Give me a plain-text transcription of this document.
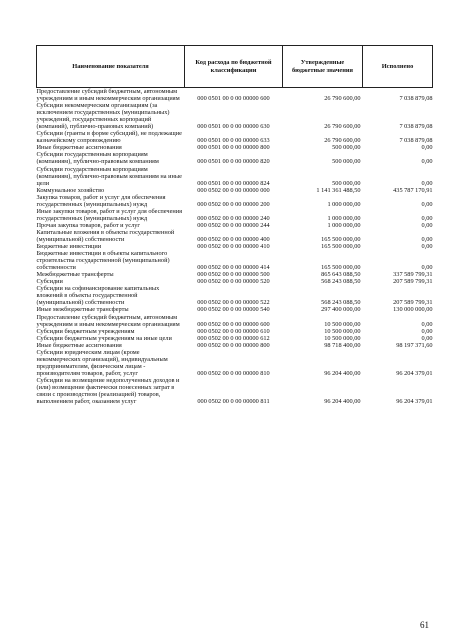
Наименование показателя	Код расхода по бюджетной классификации	Утвержденные бюджетные значения	Исполнено
Предоставление субсидий бюджетным, автономным учреждениям и иным некоммерческим организациям	000 0501 00 0 00 00000 600	26 790 600,00	7 038 879,08
Субсидии некоммерческим организациям (за исключением государственных (муниципальных) учреждений, государственных корпораций (компаний), публично-правовых компаний)	000 0501 00 0 00 00000 630	26 790 600,00	7 038 879,08
Субсидии (гранты в форме субсидий), не подлежащие казначейскому сопровождению	000 0501 00 0 00 00000 633	26 790 600,00	7 038 879,08
Иные бюджетные ассигнования	000 0501 00 0 00 00000 800	500 000,00	0,00
Субсидии государственным корпорациям (компаниям), публично-правовым компаниям	000 0501 00 0 00 00000 820	500 000,00	0,00
Субсидии государственным корпорациям (компаниям), публично-правовым компаниям на иные цели	000 0501 00 0 00 00000 824	500 000,00	0,00
Коммунальное хозяйство	000 0502 00 0 00 00000 000	1 141 361 488,50	435 787 170,91
Закупка товаров, работ и услуг для обеспечения государственных (муниципальных) нужд	000 0502 00 0 00 00000 200	1 000 000,00	0,00
Иные закупки товаров, работ и услуг для обеспечения государственных (муниципальных) нужд	000 0502 00 0 00 00000 240	1 000 000,00	0,00
Прочая закупка товаров, работ и услуг	000 0502 00 0 00 00000 244	1 000 000,00	0,00
Капитальные вложения в объекты государственной (муниципальной) собственности	000 0502 00 0 00 00000 400	165 500 000,00	0,00
Бюджетные инвестиции	000 0502 00 0 00 00000 410	165 500 000,00	0,00
Бюджетные инвестиции в объекты капитального строительства государственной (муниципальной) собственности	000 0502 00 0 00 00000 414	165 500 000,00	0,00
Межбюджетные трансферты	000 0502 00 0 00 00000 500	865 643 088,50	337 589 799,31
Субсидии	000 0502 00 0 00 00000 520	568 243 088,50	207 589 799,31
Субсидии на софинансирование капитальных вложений в объекты государственной (муниципальной) собственности	000 0502 00 0 00 00000 522	568 243 088,50	207 589 799,31
Иные межбюджетные трансферты	000 0502 00 0 00 00000 540	297 400 000,00	130 000 000,00
Предоставление субсидий бюджетным, автономным учреждениям и иным некоммерческим организациям	000 0502 00 0 00 00000 600	10 500 000,00	0,00
Субсидии бюджетным учреждениям	000 0502 00 0 00 00000 610	10 500 000,00	0,00
Субсидии бюджетным учреждениям на иные цели	000 0502 00 0 00 00000 612	10 500 000,00	0,00
Иные бюджетные ассигнования	000 0502 00 0 00 00000 800	98 718 400,00	98 197 371,60
Субсидии юридическим лицам (кроме некоммерческих организаций), индивидуальным предпринимателям, физическим лицам - производителям товаров, работ, услуг	000 0502 00 0 00 00000 810	96 204 400,00	96 204 379,01
Субсидии на возмещение недополученных доходов и (или) возмещение фактически понесенных затрат в связи с производством (реализацией) товаров, выполнением работ, оказанием услуг	000 0502 00 0 00 00000 811	96 204 400,00	96 204 379,01
61
